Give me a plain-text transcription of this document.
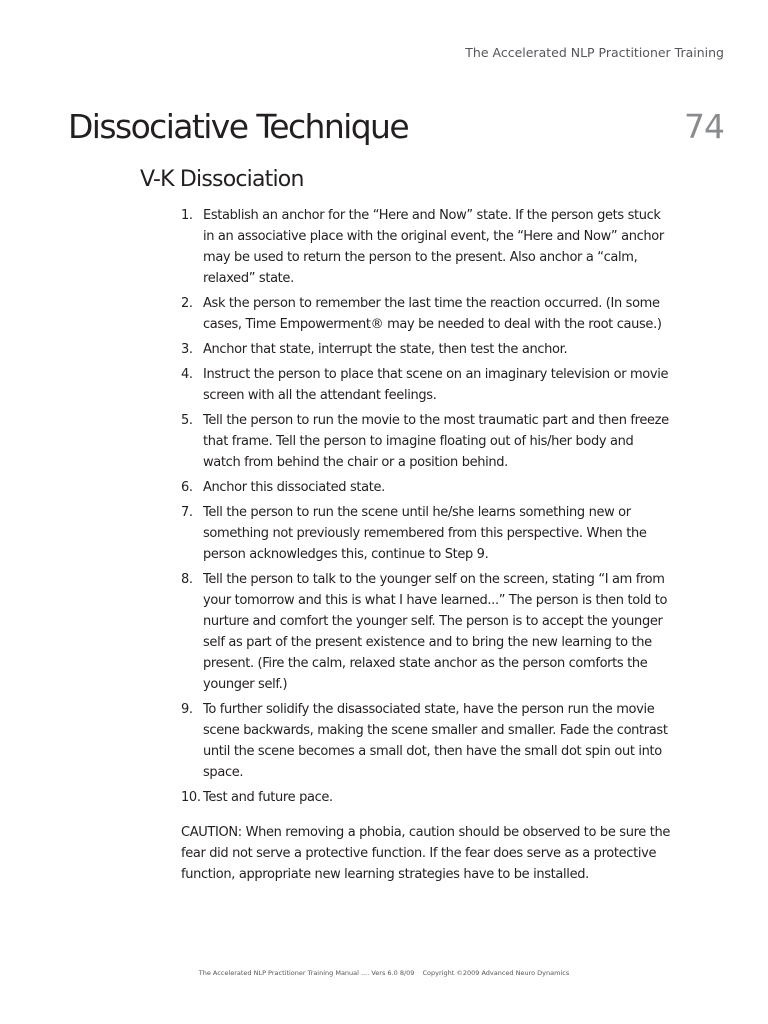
The Accelerated NLP Practitioner Training
Dissociative Technique	74
V-K Dissociation
1. Establish an anchor for the “Here and Now” state. If the person gets stuck in an associative place with the original event, the “Here and Now” anchor may be used to return the person to the present. Also anchor a “calm, relaxed” state.
2. Ask the person to remember the last time the reaction occurred. (In some cases, Time Empowerment® may be needed to deal with the root cause.)
3. Anchor that state, interrupt the state, then test the anchor.
4. Instruct the person to place that scene on an imaginary television or movie screen with all the attendant feelings.
5. Tell the person to run the movie to the most traumatic part and then freeze that frame. Tell the person to imagine floating out of his/her body and watch from behind the chair or a position behind.
6. Anchor this dissociated state.
7. Tell the person to run the scene until he/she learns something new or something not previously remembered from this perspective. When the person acknowledges this, continue to Step 9.
8. Tell the person to talk to the younger self on the screen, stating “I am from your tomorrow and this is what I have learned...” The person is then told to nurture and comfort the younger self. The person is to accept the younger self as part of the present existence and to bring the new learning to the present. (Fire the calm, relaxed state anchor as the person comforts the younger self.)
9. To further solidify the disassociated state, have the person run the movie scene backwards, making the scene smaller and smaller. Fade the contrast until the scene becomes a small dot, then have the small dot spin out into space.
10. Test and future pace.

CAUTION: When removing a phobia, caution should be observed to be sure the fear did not serve a protective function. If the fear does serve as a protective function, appropriate new learning strategies have to be installed.

The Accelerated NLP Practitioner Training Manual .... Vers 6.0 8/09 Copyright ©2009 Advanced Neuro Dynamics
